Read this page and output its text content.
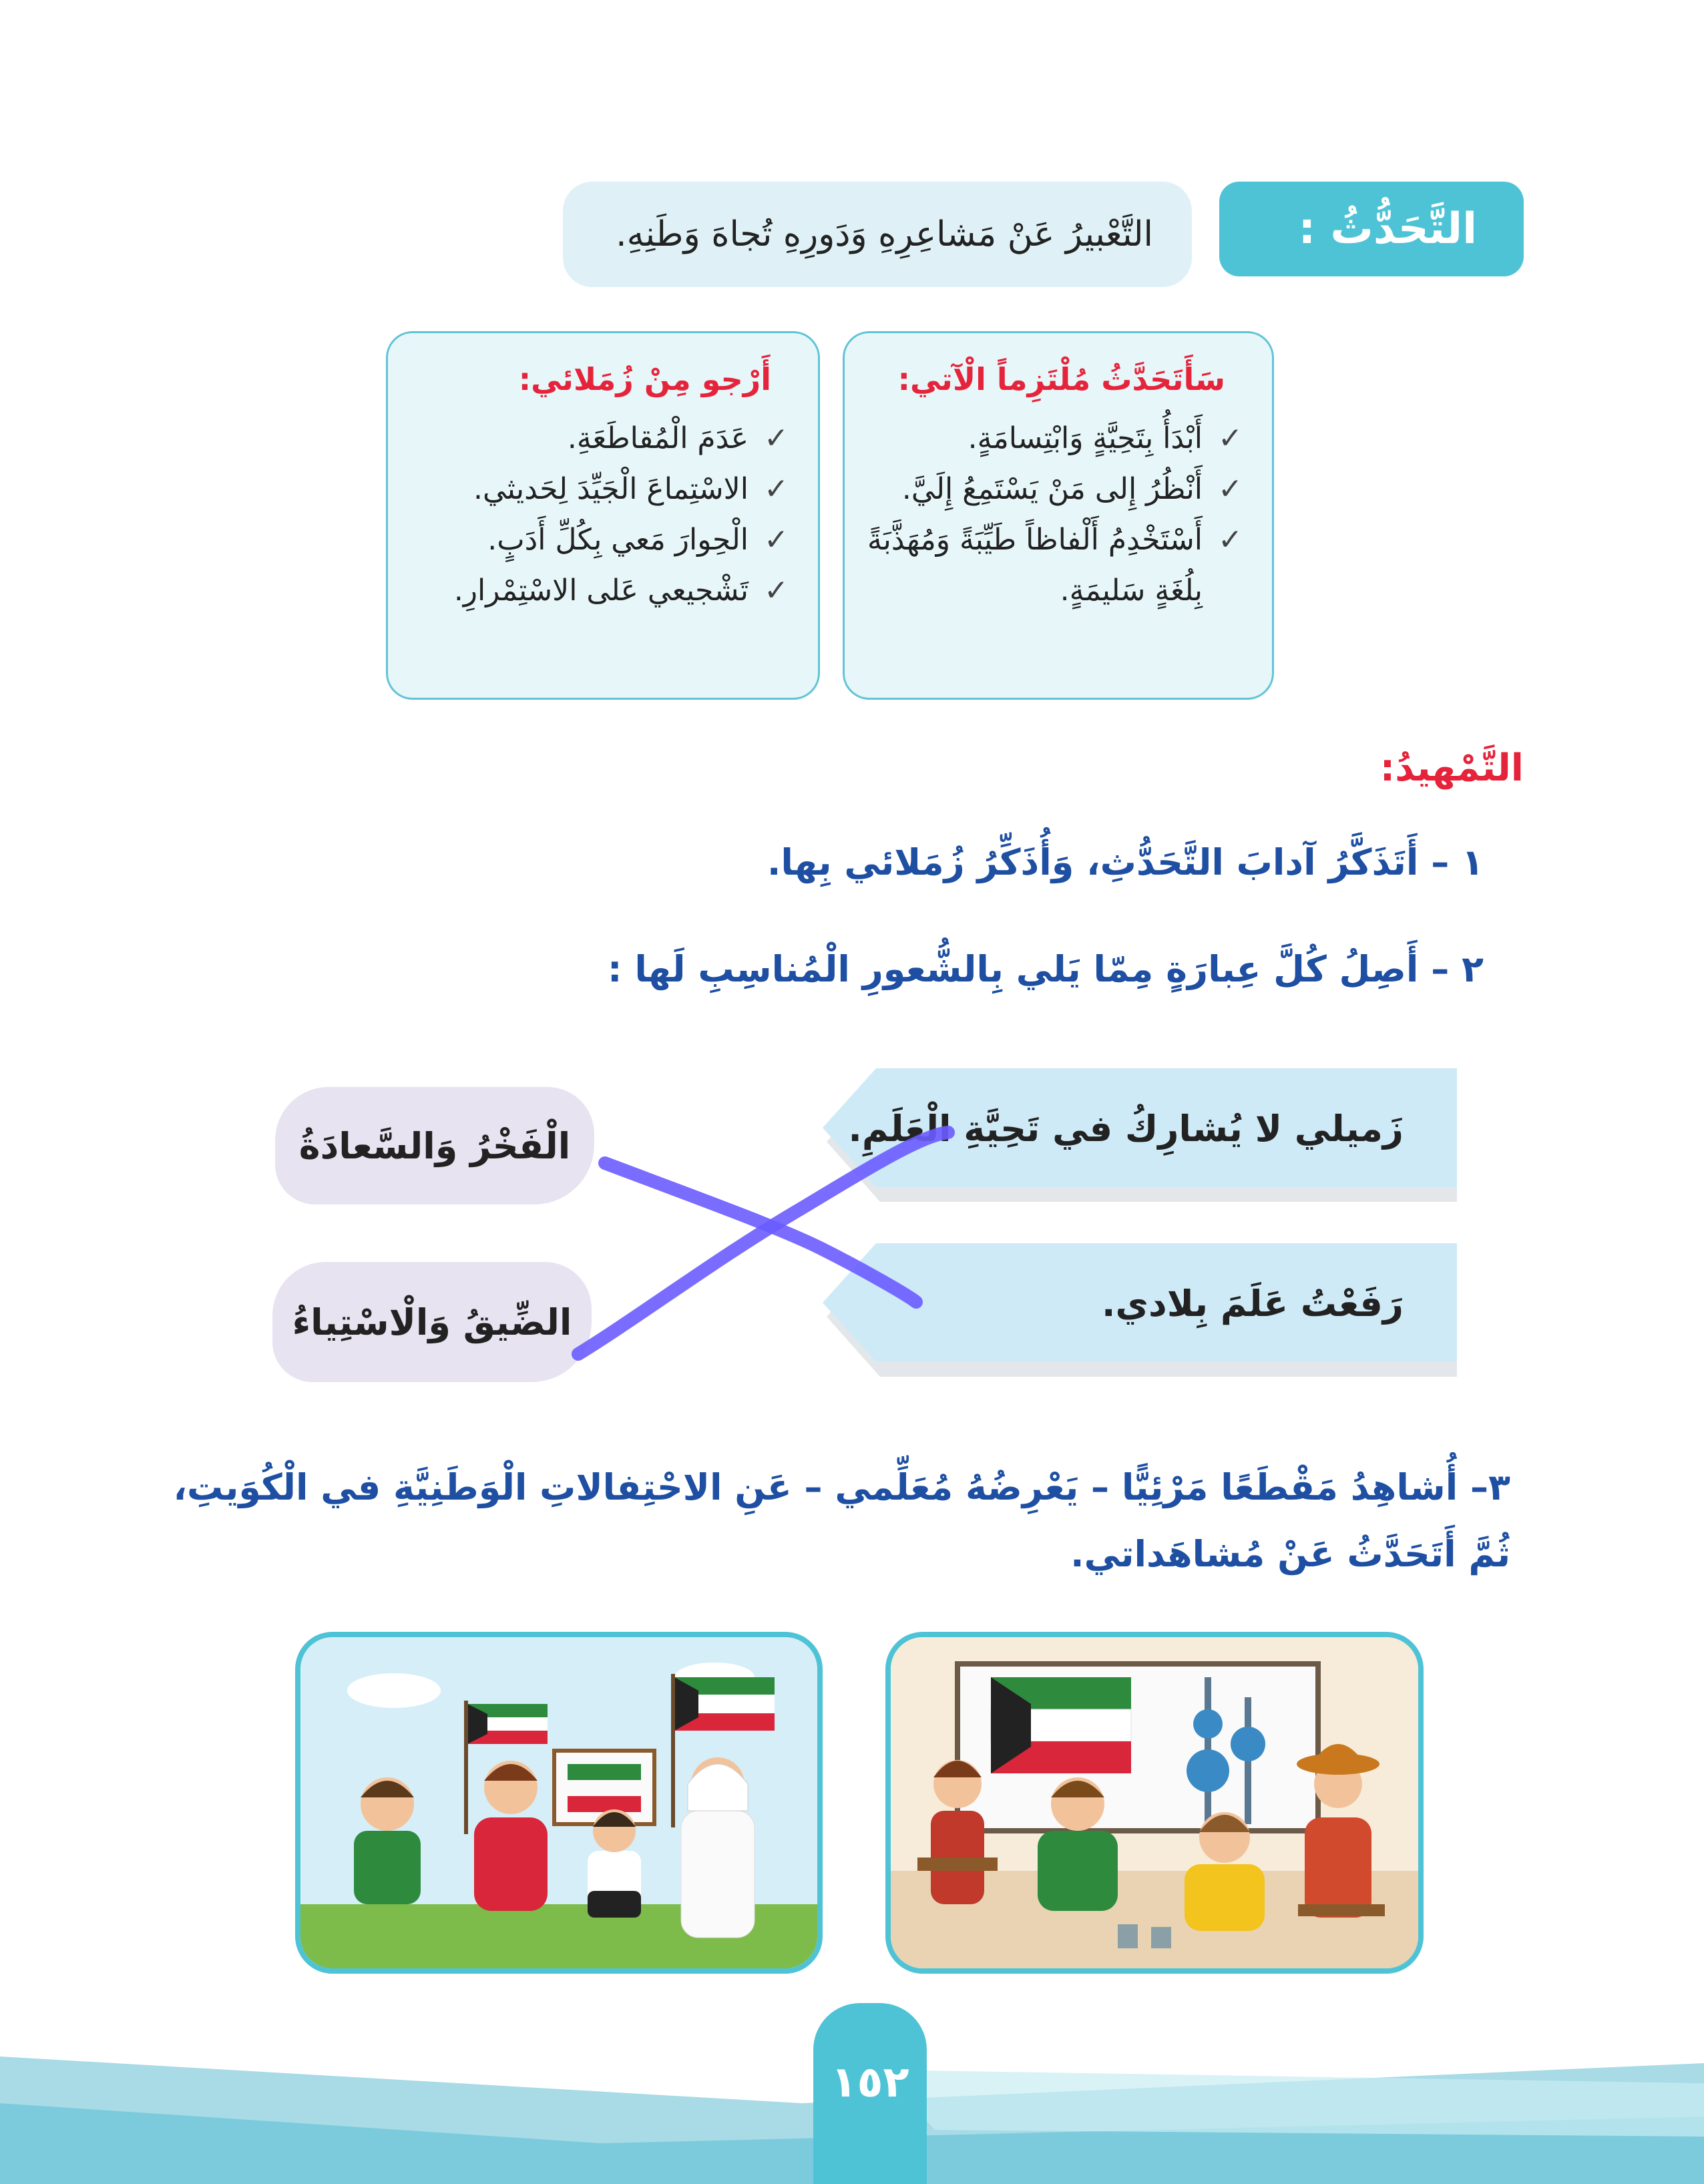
التَّحَدُّثُ :
التَّعْبيرُ عَنْ مَشاعِرِهِ وَدَورِهِ تُجاهَ وَطَنِهِ.
سَأَتَحَدَّثُ مُلْتَزِماً الْآتي:
✓
أَبْدَأُ بِتَحِيَّةٍ وَابْتِسامَةٍ.
✓
أَنْظُرُ إِلى مَنْ يَسْتَمِعُ إِلَيَّ.
✓
أَسْتَخْدِمُ أَلْفاظاً طَيِّبَةً وَمُهَذَّبَةً بِلُغَةٍ سَليمَةٍ.
أَرْجو مِنْ زُمَلائي:
✓
عَدَمَ الْمُقاطَعَةِ.
✓
الاسْتِماعَ الْجَيِّدَ لِحَديثي.
✓
الْحِوارَ مَعي بِكُلِّ أَدَبٍ.
✓
تَشْجيعي عَلى الاسْتِمْرارِ.
التَّمْهيدُ:
١ – أَتَذَكَّرُ آدابَ التَّحَدُّثِ، وَأُذَكِّرُ زُمَلائي بِها.
٢ – أَصِلُ كُلَّ عِبارَةٍ مِمّا يَلي بِالشُّعورِ الْمُناسِبِ لَها :
زَميلي لا يُشارِكُ في تَحِيَّةِ الْعَلَمِ.
رَفَعْتُ عَلَمَ بِلادي.
الْفَخْرُ وَالسَّعادَةُ
الضِّيقُ وَالْاسْتِياءُ
٣– أُشاهِدُ مَقْطَعًا مَرْئِيًّا – يَعْرِضُهُ مُعَلِّمي – عَنِ الاحْتِفالاتِ الْوَطَنِيَّةِ في الْكُوَيتِ، ثُمَّ أَتَحَدَّثُ عَنْ مُشاهَداتي.
١٥٢
